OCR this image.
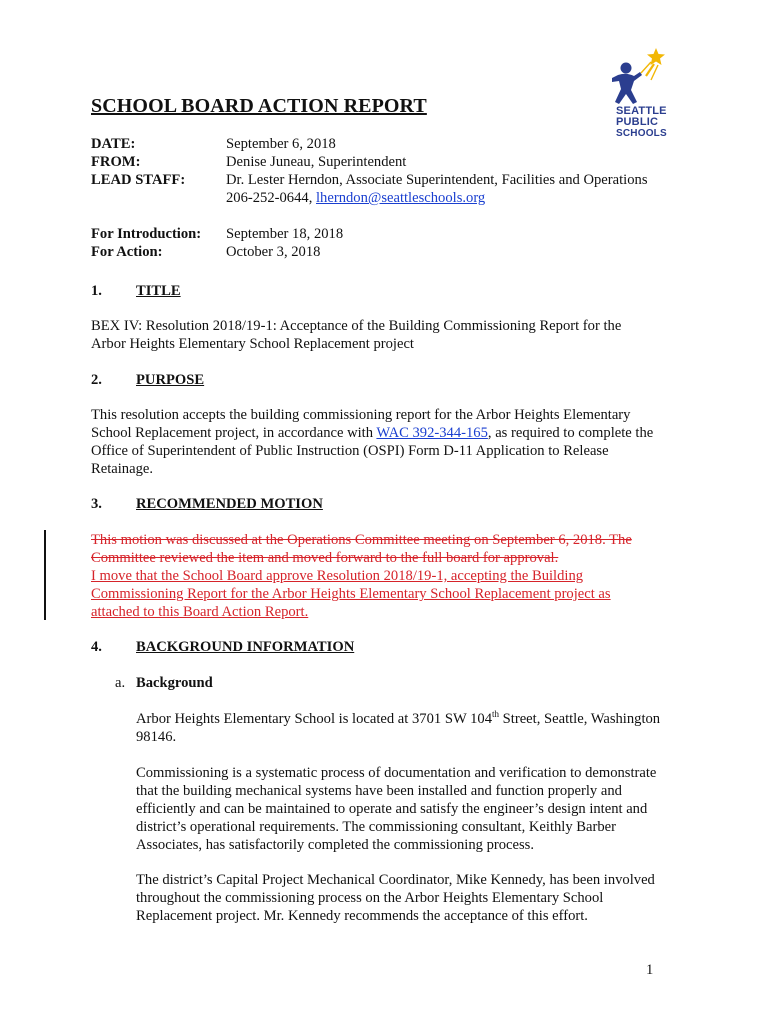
SEATTLE
PUBLIC
SCHOOLS
SCHOOL BOARD ACTION REPORT
DATE:	September 6, 2018
FROM:	Denise Juneau, Superintendent
LEAD STAFF:	Dr. Lester Herndon, Associate Superintendent, Facilities and Operations
206-252-0644, lherndon@seattleschools.org
For Introduction: September 18, 2018
For Action:	October 3, 2018
1. TITLE
BEX IV: Resolution 2018/19-1: Acceptance of the Building Commissioning Report for the
Arbor Heights Elementary School Replacement project
2. PURPOSE
This resolution accepts the building commissioning report for the Arbor Heights Elementary
School Replacement project, in accordance with WAC 392-344-165, as required to complete the
Office of Superintendent of Public Instruction (OSPI) Form D-11 Application to Release
Retainage.
3. RECOMMENDED MOTION
This motion was discussed at the Operations Committee meeting on September 6, 2018. The
Committee reviewed the item and moved forward to the full board for approval.
I move that the School Board approve Resolution 2018/19-1, accepting the Building
Commissioning Report for the Arbor Heights Elementary School Replacement project as
attached to this Board Action Report.
4. BACKGROUND INFORMATION
a. Background
Arbor Heights Elementary School is located at 3701 SW 104th Street, Seattle, Washington
98146.
Commissioning is a systematic process of documentation and verification to demonstrate
that the building mechanical systems have been installed and function properly and
efficiently and can be maintained to operate and satisfy the engineer’s design intent and
district’s operational requirements. The commissioning consultant, Keithly Barber
Associates, has satisfactorily completed the commissioning process.
The district’s Capital Project Mechanical Coordinator, Mike Kennedy, has been involved
throughout the commissioning process on the Arbor Heights Elementary School
Replacement project. Mr. Kennedy recommends the acceptance of this effort.
1
